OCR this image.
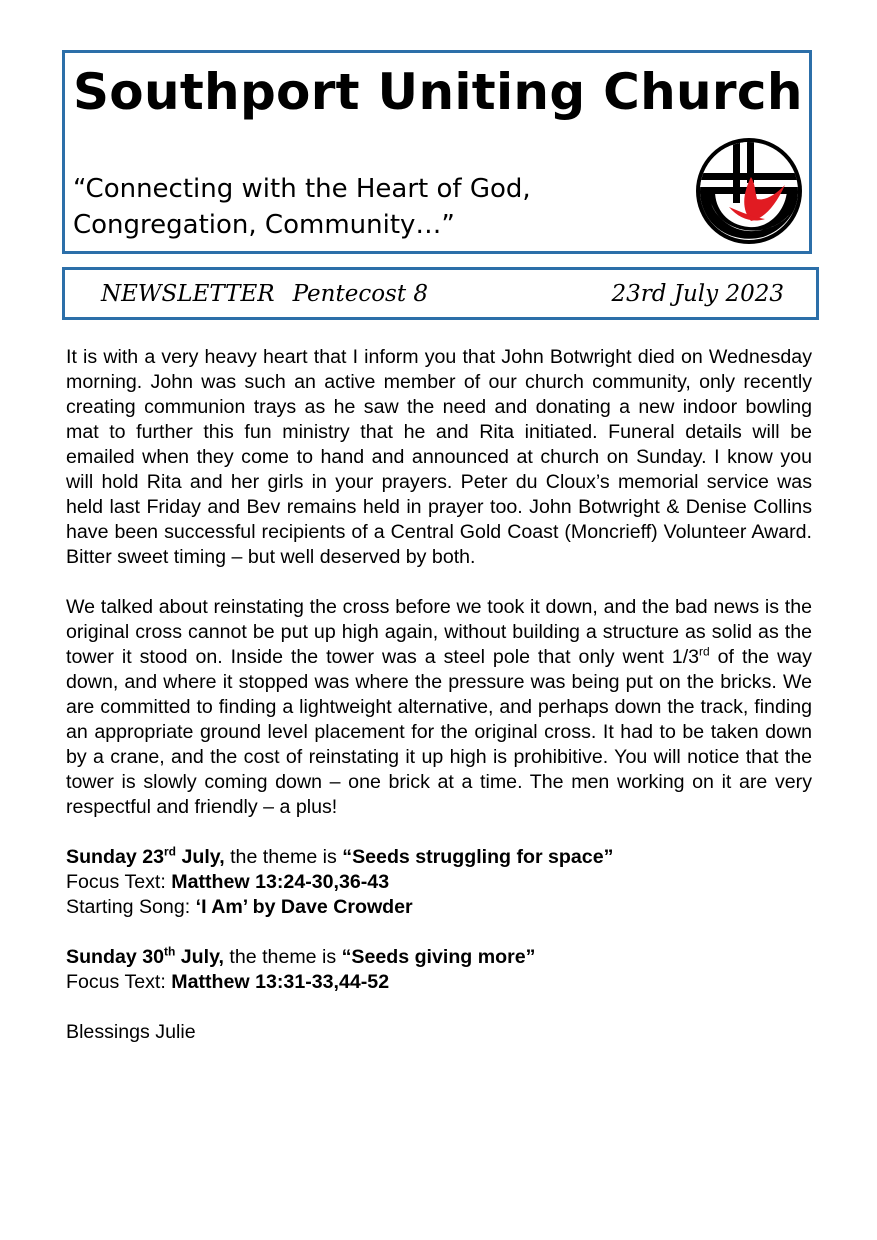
Southport Uniting Church
“Connecting with the Heart of God,
Congregation, Community…”
NEWSLETTER Pentecost 8	23rd July 2023

It is with a very heavy heart that I inform you that John Botwright died on Wednesday morning. John was such an active member of our church community, only recently creating communion trays as he saw the need and donating a new indoor bowling mat to further this fun ministry that he and Rita initiated. Funeral details will be emailed when they come to hand and announced at church on Sunday. I know you will hold Rita and her girls in your prayers. Peter du Cloux’s memorial service was held last Friday and Bev remains held in prayer too. John Botwright & Denise Collins have been successful recipients of a Central Gold Coast (Moncrieff) Volunteer Award. Bitter sweet timing – but well deserved by both.

We talked about reinstating the cross before we took it down, and the bad news is the original cross cannot be put up high again, without building a structure as solid as the tower it stood on. Inside the tower was a steel pole that only went 1/3rd of the way down, and where it stopped was where the pressure was being put on the bricks. We are committed to finding a lightweight alternative, and perhaps down the track, finding an appropriate ground level placement for the original cross. It had to be taken down by a crane, and the cost of reinstating it up high is prohibitive. You will notice that the tower is slowly coming down – one brick at a time. The men working on it are very respectful and friendly – a plus!

Sunday 23rd July, the theme is “Seeds struggling for space”
Focus Text: Matthew 13:24-30,36-43
Starting Song: ‘I Am’ by Dave Crowder
Sunday 30th July, the theme is “Seeds giving more”
Focus Text: Matthew 13:31-33,44-52

Blessings Julie
